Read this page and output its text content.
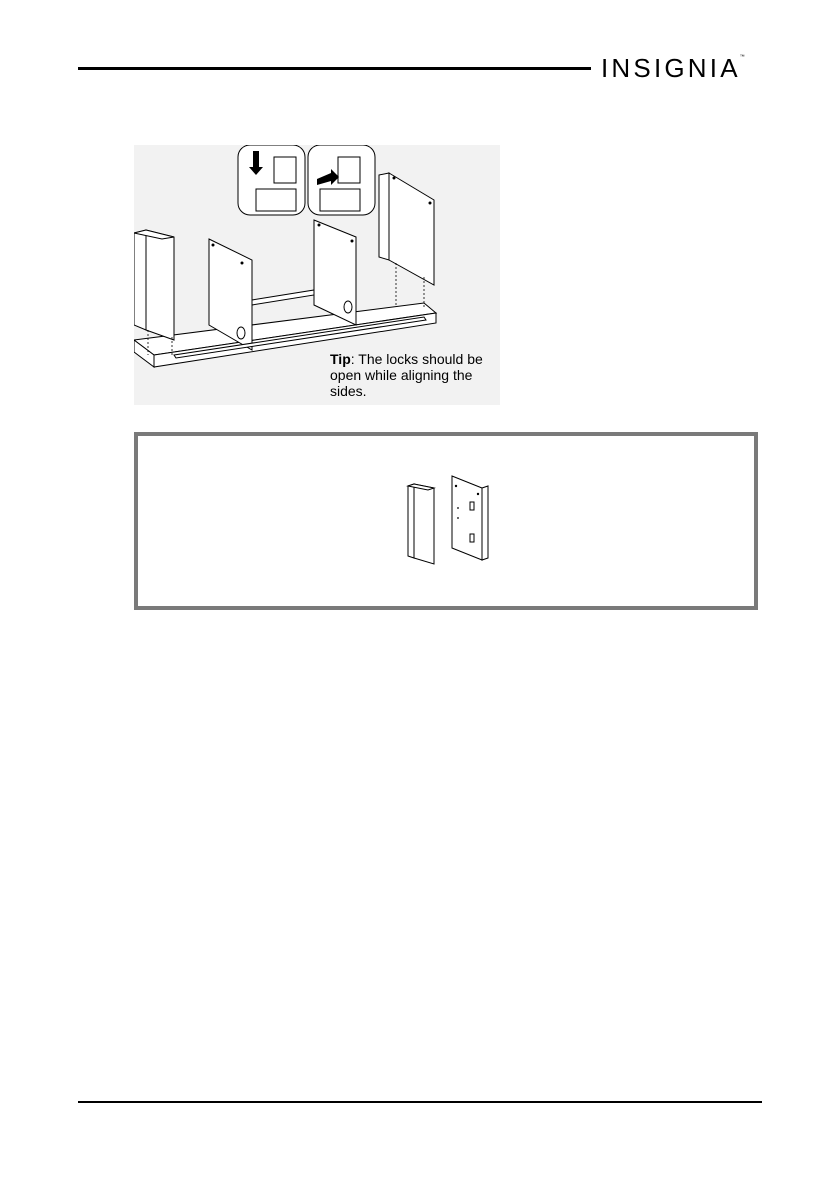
INSIGNIA™
Tip: The locks should be open while aligning the sides.
